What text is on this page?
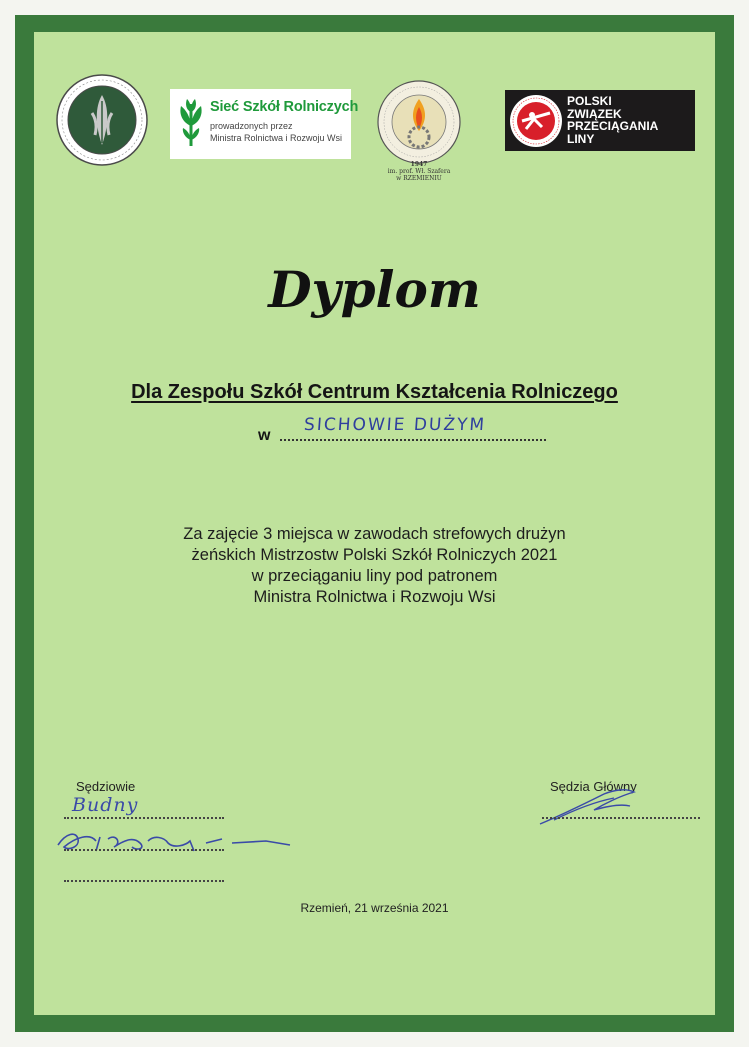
Sieć Szkół Rolniczych
prowadzonych przez
Ministra Rolnictwa i Rozwoju Wsi
1947
im. prof. Wł. Szafera
w RZEMIENIU
POLSKI
ZWIĄZEK
PRZECIĄGANIA
LINY
Dyplom
Dla Zespołu Szkół Centrum Kształcenia Rolniczego
w
SICHOWIE DUŻYM
Za zajęcie 3 miejsca w zawodach strefowych drużyn
żeńskich Mistrzostw Polski Szkół Rolniczych 2021
w przeciąganiu liny pod patronem
Ministra Rolnictwa i Rozwoju Wsi
Sędziowie	Sędzia Główny
Budny
Rzemień, 21 września 2021
